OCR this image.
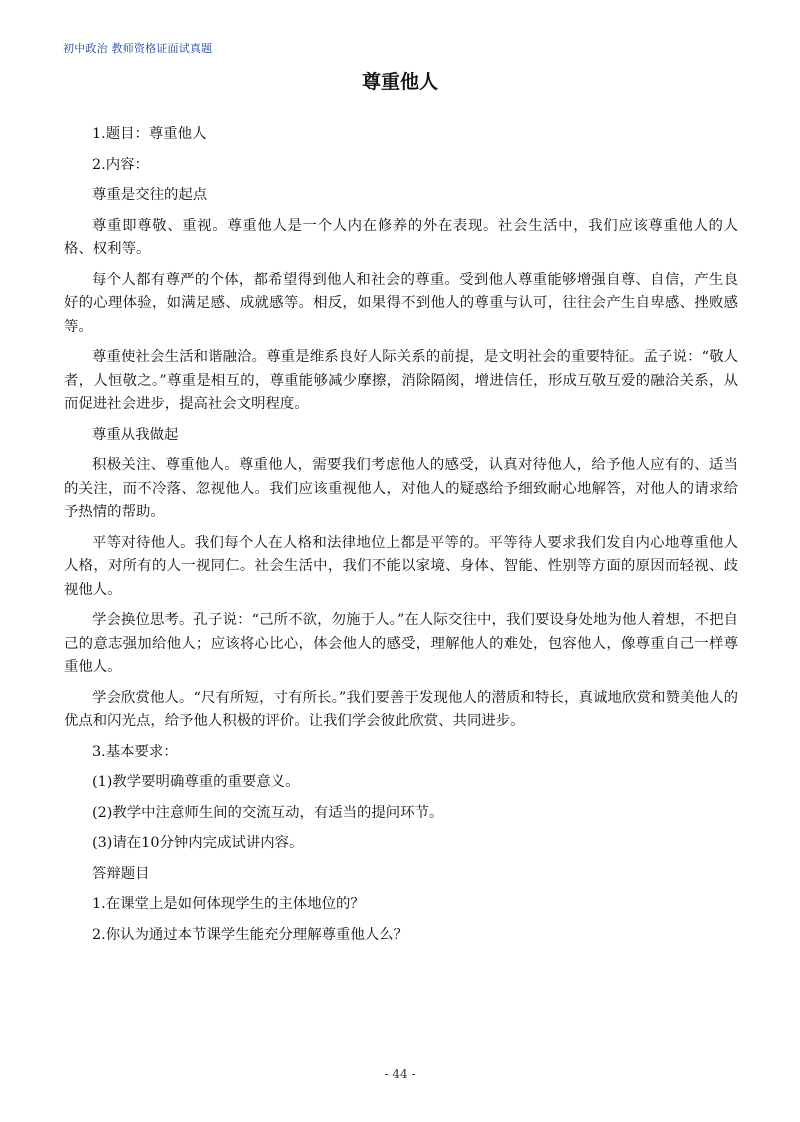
初中政治 教师资格证面试真题
尊重他人

1.题目：尊重他人

2.内容：

尊重是交往的起点

尊重即尊敬、重视。尊重他人是一个人内在修养的外在表现。社会生活中，我们应该尊重他人的人格、权利等。

每个人都有尊严的个体，都希望得到他人和社会的尊重。受到他人尊重能够增强自尊、自信，产生良好的心理体验，如满足感、成就感等。相反，如果得不到他人的尊重与认可，往往会产生自卑感、挫败感等。

尊重使社会生活和谐融洽。尊重是维系良好人际关系的前提，是文明社会的重要特征。孟子说：“敬人者，人恒敬之。”尊重是相互的，尊重能够减少摩擦，消除隔阂，增进信任，形成互敬互爱的融洽关系，从而促进社会进步，提高社会文明程度。

尊重从我做起

积极关注、尊重他人。尊重他人，需要我们考虑他人的感受，认真对待他人，给予他人应有的、适当的关注，而不冷落、忽视他人。我们应该重视他人，对他人的疑惑给予细致耐心地解答，对他人的请求给予热情的帮助。

平等对待他人。我们每个人在人格和法律地位上都是平等的。平等待人要求我们发自内心地尊重他人人格，对所有的人一视同仁。社会生活中，我们不能以家境、身体、智能、性别等方面的原因而轻视、歧视他人。

学会换位思考。孔子说：“己所不欲，勿施于人。”在人际交往中，我们要设身处地为他人着想，不把自己的意志强加给他人；应该将心比心，体会他人的感受，理解他人的难处，包容他人，像尊重自己一样尊重他人。

学会欣赏他人。“尺有所短，寸有所长。”我们要善于发现他人的潜质和特长，真诚地欣赏和赞美他人的优点和闪光点，给予他人积极的评价。让我们学会彼此欣赏、共同进步。

3.基本要求：

(1)教学要明确尊重的重要意义。

(2)教学中注意师生间的交流互动，有适当的提问环节。

(3)请在10分钟内完成试讲内容。

答辩题目

1.在课堂上是如何体现学生的主体地位的？

2.你认为通过本节课学生能充分理解尊重他人么？

- 44 -
